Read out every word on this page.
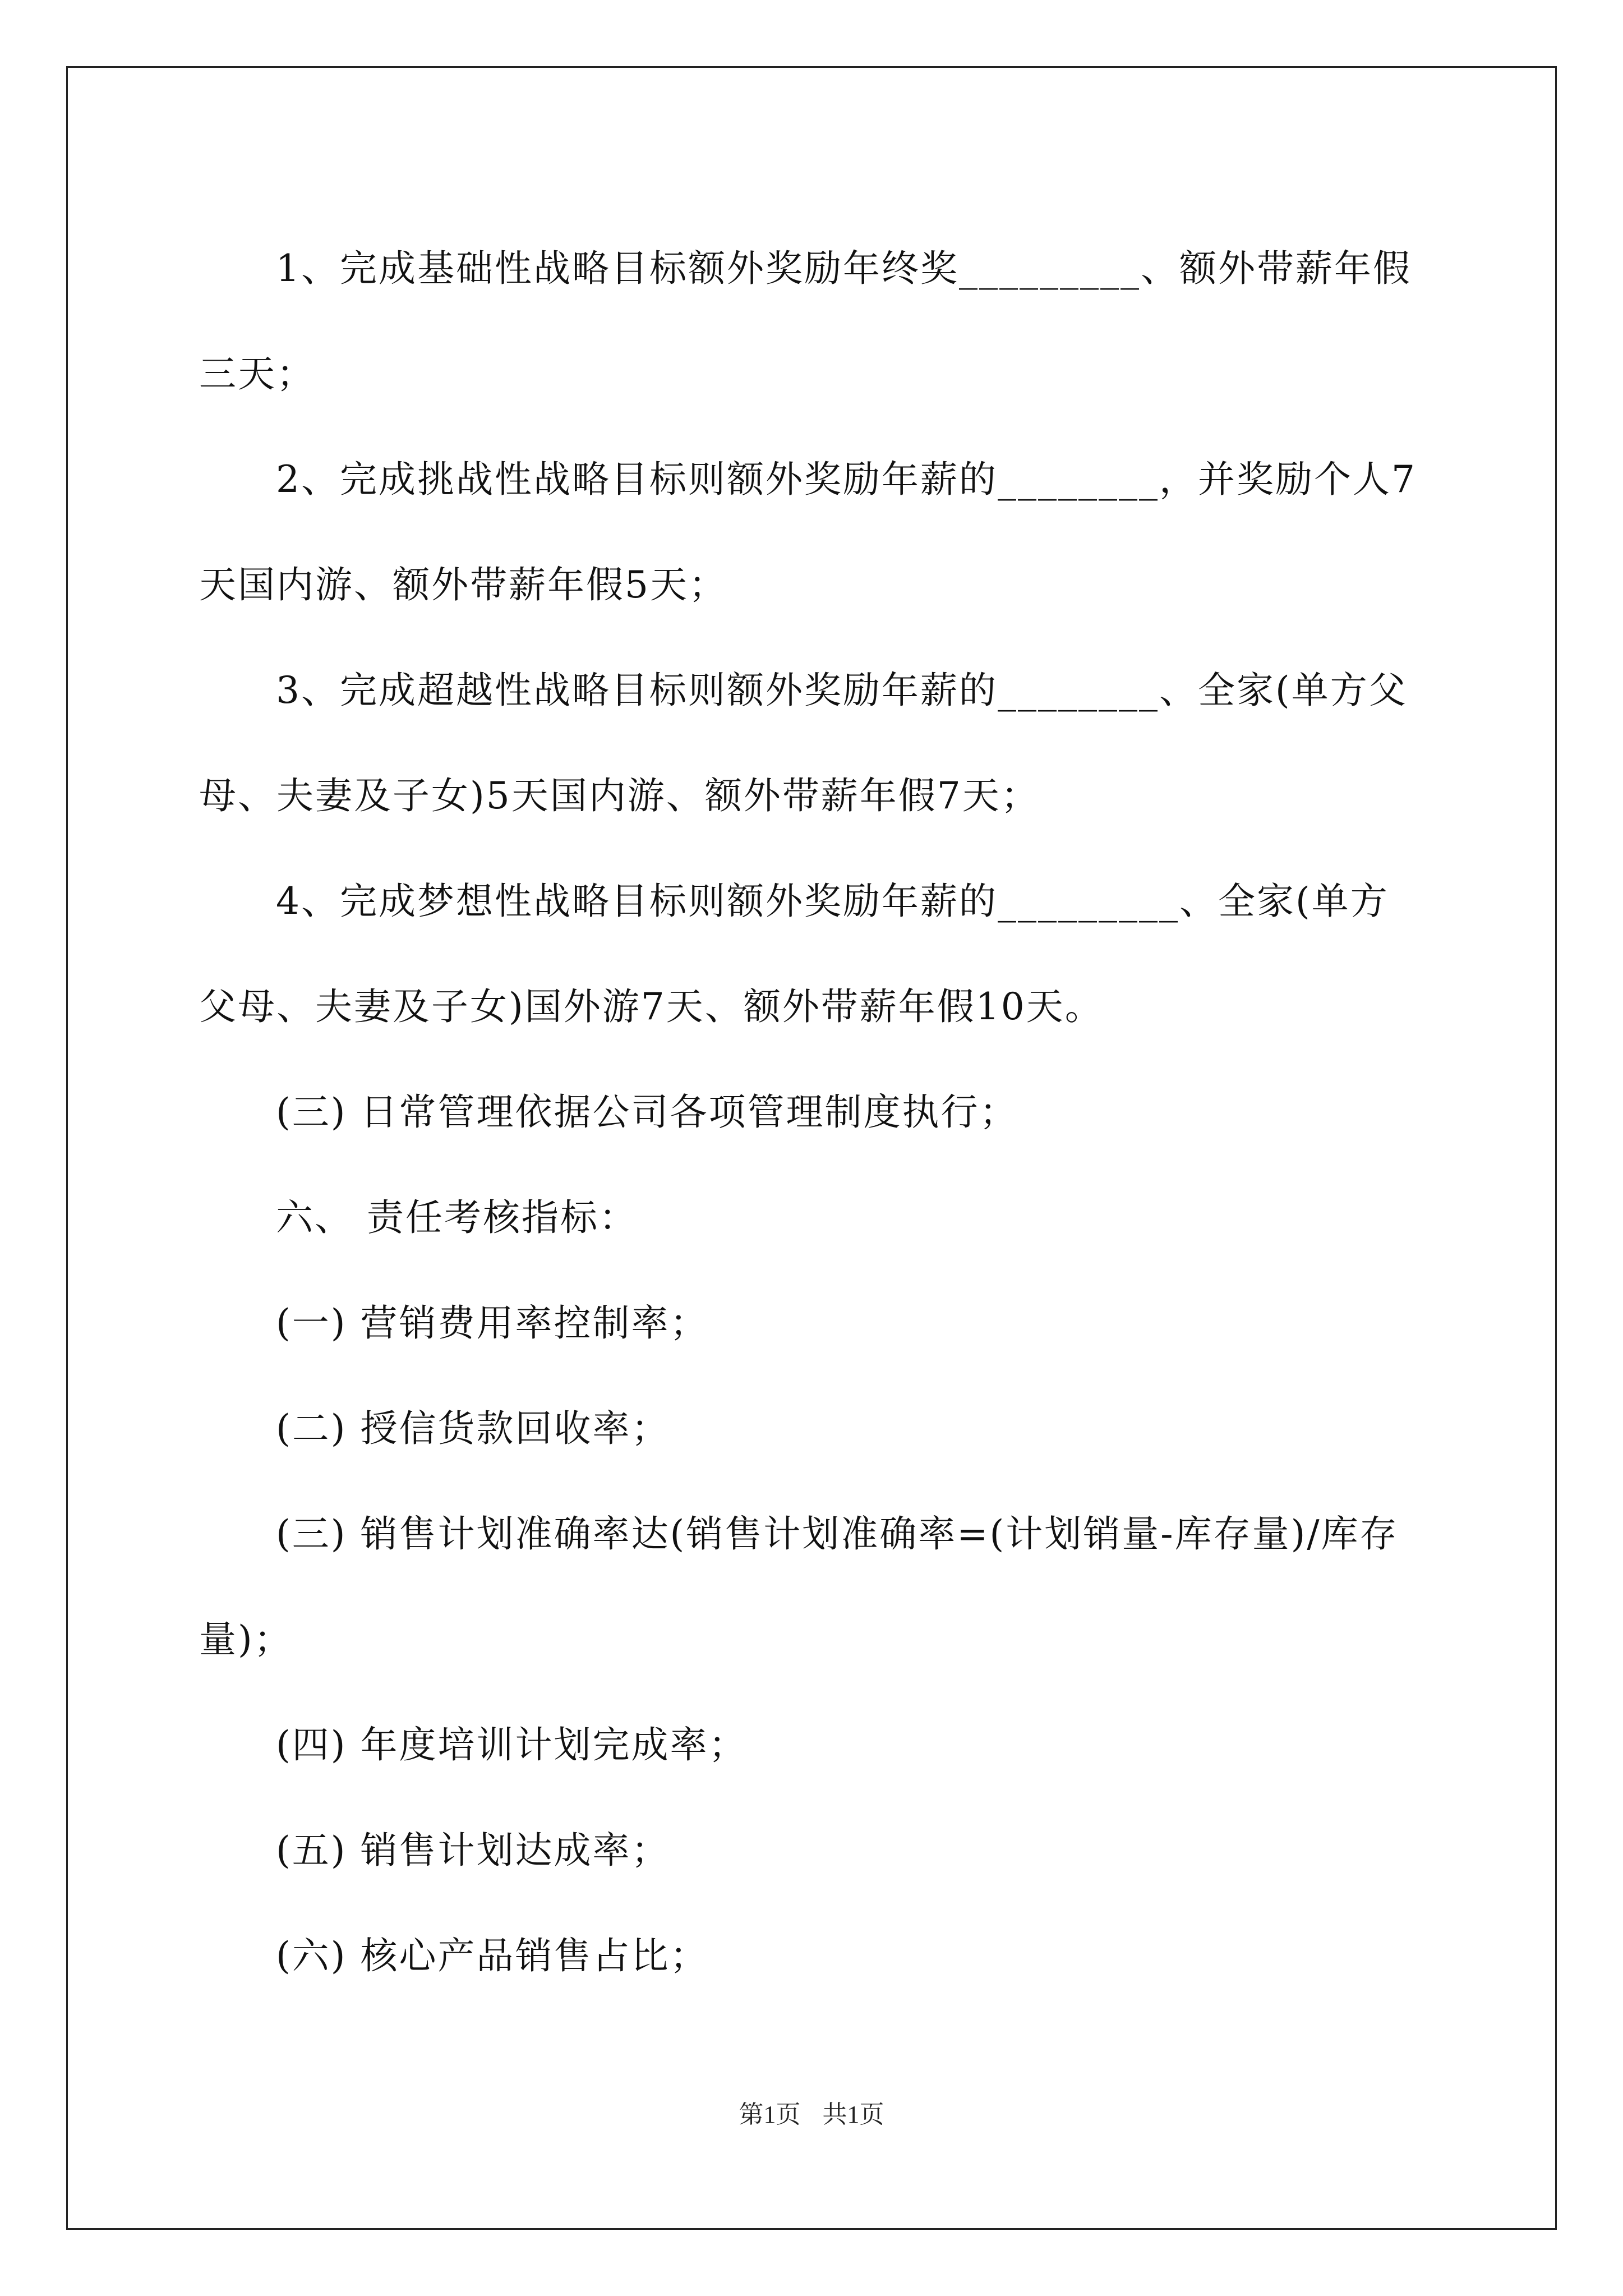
1、完成基础性战略目标额外奖励年终奖_________、额外带薪年假三天；

2、完成挑战性战略目标则额外奖励年薪的________，并奖励个人7天国内游、额外带薪年假5天；

3、完成超越性战略目标则额外奖励年薪的________、全家(单方父母、夫妻及子女)5天国内游、额外带薪年假7天；

4、完成梦想性战略目标则额外奖励年薪的_________、全家(单方父母、夫妻及子女)国外游7天、额外带薪年假10天。

(三) 日常管理依据公司各项管理制度执行；

六、 责任考核指标：

(一) 营销费用率控制率；

(二) 授信货款回收率；

(三) 销售计划准确率达(销售计划准确率=(计划销量-库存量)/库存量)；

(四) 年度培训计划完成率；

(五) 销售计划达成率；

(六) 核心产品销售占比；

第1页 共1页
